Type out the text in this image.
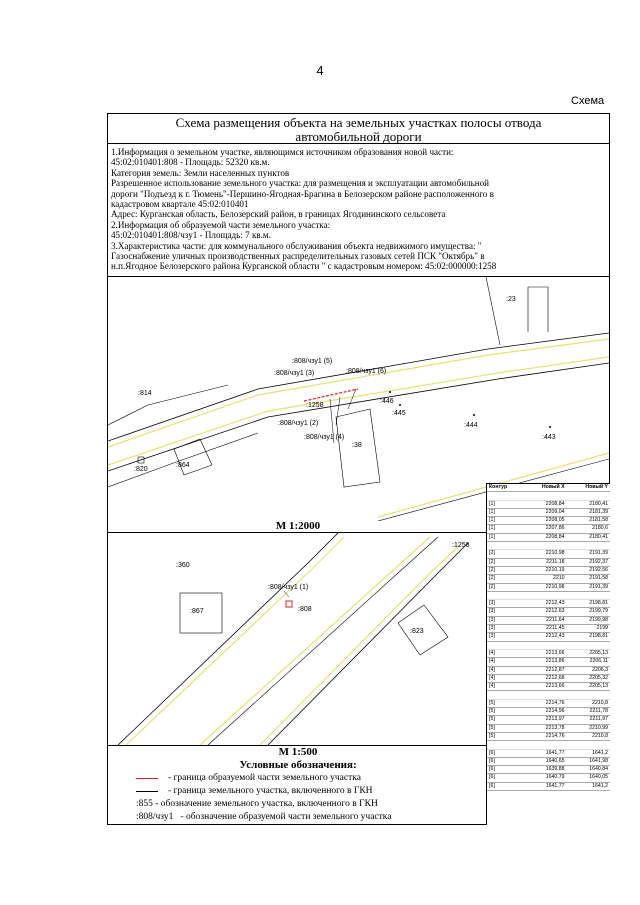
4
Схема
Схема размещения объекта на земельных участках полосы отвода
автомобильной дороги
1.Информация о земельном участке, являющимся источником образования новой части:
45:02:010401:808 - Площадь: 52320 кв.м.
Категория земель: Земли населенных пунктов
Разрешенное использование земельного участка: для размещения и эксплуатации автомобильной
дороги "Подъезд к г. Тюмень"-Першино-Ягодная-Брагина в Белозерском районе расположенного в
кадастровом квартале 45:02:010401
Адрес: Курганская область, Белозерский район, в границах Ягодининского сельсовета
2.Информация об образуемой части земельного участка:
45:02:010401:808/чзу1 - Площадь: 7 кв.м.
3.Характеристика части: для коммунального обслуживания объекта недвижимого имущества: "
Газоснабжение уличных производственных распределительных газовых сетей ПСК "Октябрь" в
н.п.Ягодное Белозерского района Курганской области " с кадастровым номером: 45:02:000000:1258
:23
:814
:820
:864
:1258
:38
:446
:445
:444
:443
:808/чзу1 (5)
:808/чзу1 (3)	:808/чзу1 (6)
:808/чзу1 (2)
:808/чзу1 (4)
М 1:2000
:360
:867	:808
:823
:1258
:808/чзу1 (1)
М 1:500
Условные обозначения:
- граница образуемой части земельного участка
- граница земельного участка, включенного в ГКН
:855
- обозначение земельного участка, включенного в ГКН
:808/чзу1
- обозначение образуемой части земельного участка
Контур	Новый X	Новый Y

[1]	2208,84	2180,41
[1]	2209,04	2181,39
[1]	2208,05	2181,58
[1]	2207,86	2180,6
[1]	2208,84	2180,41

[2]	2210,98	2191,39
[2]	2211,18	2192,37
[2]	2210,19	2192,56
[2]	2210	2191,58
[2]	2210,98	2191,39

[3]	2212,43	2198,81
[3]	2212,63	2199,79
[3]	2211,64	2199,98
[3]	2211,45	2199
[3]	2212,43	2198,81

[4]	2213,66	2205,13
[4]	2213,86	2206,11
[4]	2212,87	2206,3
[4]	2212,68	2205,32
[4]	2213,66	2205,13

[5]	2214,76	2210,8
[5]	2214,96	2211,78
[5]	2213,97	2211,97
[5]	2213,78	2210,99
[5]	2214,76	2210,8

[6]	1641,77	1641,2
[6]	1640,65	1641,98
[6]	1639,88	1640,84
[6]	1640,79	1640,05
[6]	1641,77	1641,2
